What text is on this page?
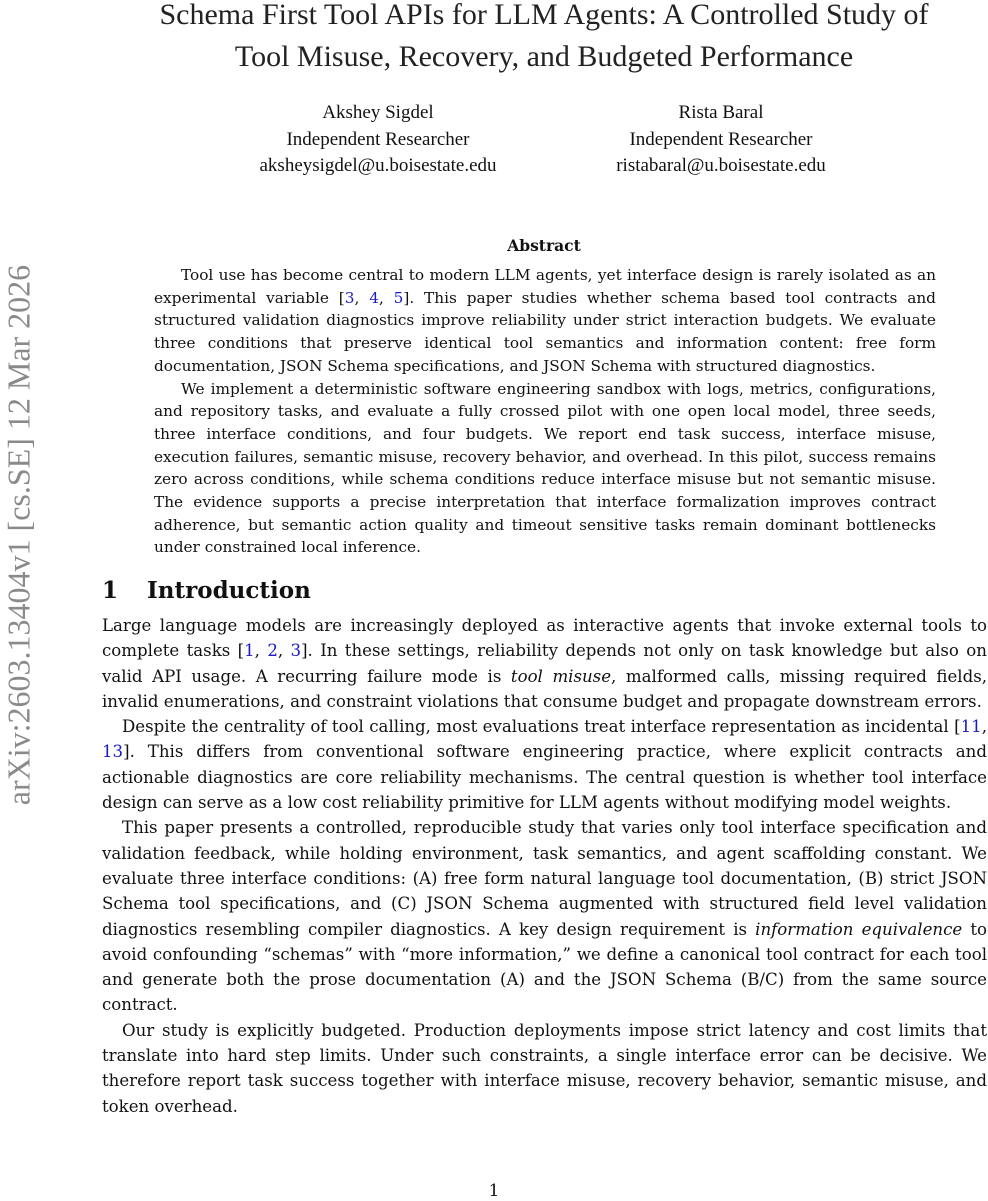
arXiv:2603.13404v1 [cs.SE] 12 Mar 2026
Schema First Tool APIs for LLM Agents: A Controlled Study of
Tool Misuse, Recovery, and Budgeted Performance
Akshey Sigdel
Independent Researcher
aksheysigdel@u.boisestate.edu
Rista Baral
Independent Researcher
ristabaral@u.boisestate.edu
Abstract

Tool use has become central to modern LLM agents, yet interface design is rarely isolated as an experimental variable [3, 4, 5]. This paper studies whether schema based tool contracts and structured validation diagnostics improve reliability under strict interaction budgets. We evaluate three conditions that preserve identical tool semantics and information content: free form documentation, JSON Schema specifications, and JSON Schema with structured diagnostics.

We implement a deterministic software engineering sandbox with logs, metrics, configurations, and repository tasks, and evaluate a fully crossed pilot with one open local model, three seeds, three interface conditions, and four budgets. We report end task success, interface misuse, execution failures, semantic misuse, recovery behavior, and overhead. In this pilot, success remains zero across conditions, while schema conditions reduce interface misuse but not semantic misuse. The evidence supports a precise interpretation that interface formalization improves contract adherence, but semantic action quality and timeout sensitive tasks remain dominant bottlenecks under constrained local inference.

1 Introduction

Large language models are increasingly deployed as interactive agents that invoke external tools to complete tasks [1, 2, 3]. In these settings, reliability depends not only on task knowledge but also on valid API usage. A recurring failure mode is tool misuse, malformed calls, missing required fields, invalid enumerations, and constraint violations that consume budget and propagate downstream errors.

Despite the centrality of tool calling, most evaluations treat interface representation as incidental [11, 13]. This differs from conventional software engineering practice, where explicit contracts and actionable diagnostics are core reliability mechanisms. The central question is whether tool interface design can serve as a low cost reliability primitive for LLM agents without modifying model weights.

This paper presents a controlled, reproducible study that varies only tool interface specification and validation feedback, while holding environment, task semantics, and agent scaffolding constant. We evaluate three interface conditions: (A) free form natural language tool documentation, (B) strict JSON Schema tool specifications, and (C) JSON Schema augmented with structured field level validation diagnostics resembling compiler diagnostics. A key design requirement is information equivalence to avoid confounding “schemas” with “more information,” we define a canonical tool contract for each tool and generate both the prose documentation (A) and the JSON Schema (B/C) from the same source contract.

Our study is explicitly budgeted. Production deployments impose strict latency and cost limits that translate into hard step limits. Under such constraints, a single interface error can be decisive. We therefore report task success together with interface misuse, recovery behavior, semantic misuse, and token overhead.

1
